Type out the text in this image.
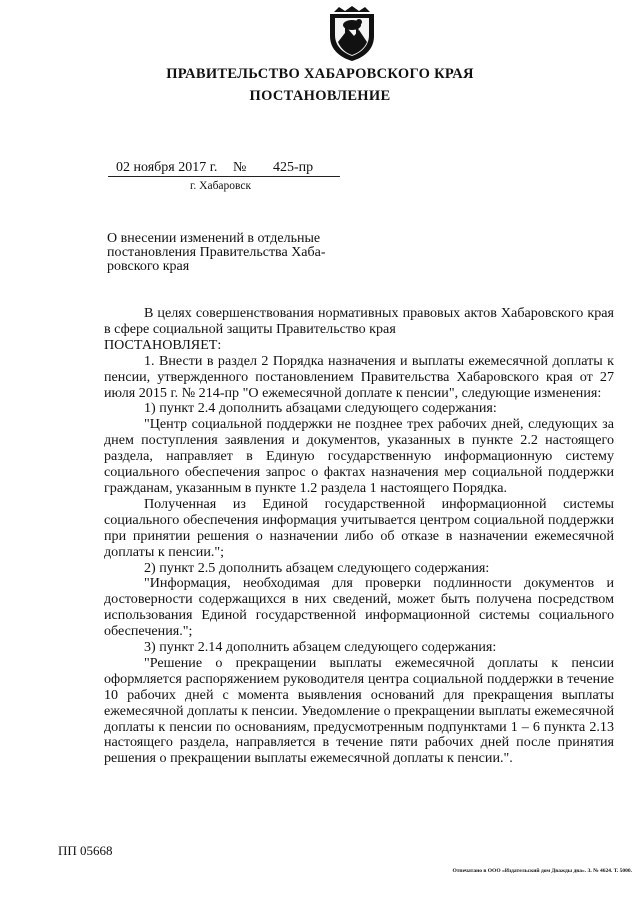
ПРАВИТЕЛЬСТВО ХАБАРОВСКОГО КРАЯ
ПОСТАНОВЛЕНИЕ
02 ноября 2017 г. № 425-пр
г. Хабаровск
О внесении изменений в отдельные
постановления Правительства Хаба-
ровского края

В целях совершенствования нормативных правовых актов Хабаровского края в сфере социальной защиты Правительство края

ПОСТАНОВЛЯЕТ:

1. Внести в раздел 2 Порядка назначения и выплаты ежемесячной доплаты к пенсии, утвержденного постановлением Правительства Хабаровского края от 27 июля 2015 г. № 214-пр "О ежемесячной доплате к пенсии", следующие изменения:

1) пункт 2.4 дополнить абзацами следующего содержания:

"Центр социальной поддержки не позднее трех рабочих дней, следующих за днем поступления заявления и документов, указанных в пункте 2.2 настоящего раздела, направляет в Единую государственную информационную систему социального обеспечения запрос о фактах назначения мер социальной поддержки гражданам, указанным в пункте 1.2 раздела 1 настоящего Порядка.

Полученная из Единой государственной информационной системы социального обеспечения информация учитывается центром социальной поддержки при принятии решения о назначении либо об отказе в назначении ежемесячной доплаты к пенсии.";

2) пункт 2.5 дополнить абзацем следующего содержания:

"Информация, необходимая для проверки подлинности документов и достоверности содержащихся в них сведений, может быть получена посредством использования Единой государственной информационной системы социального обеспечения.";

3) пункт 2.14 дополнить абзацем следующего содержания:

"Решение о прекращении выплаты ежемесячной доплаты к пенсии оформляется распоряжением руководителя центра социальной поддержки в течение 10 рабочих дней с момента выявления оснований для прекращения выплаты ежемесячной доплаты к пенсии. Уведомление о прекращении выплаты ежемесячной доплаты к пенсии по основаниям, предусмотренным подпунктами 1 – 6 пункта 2.13 настоящего раздела, направляется в течение пяти рабочих дней после принятия решения о прекращении выплаты ежемесячной доплаты к пенсии.".

ПП 05668
Отпечатано в ООО «Издательский дом Дважды два». З. № 4624. Т. 5000.
